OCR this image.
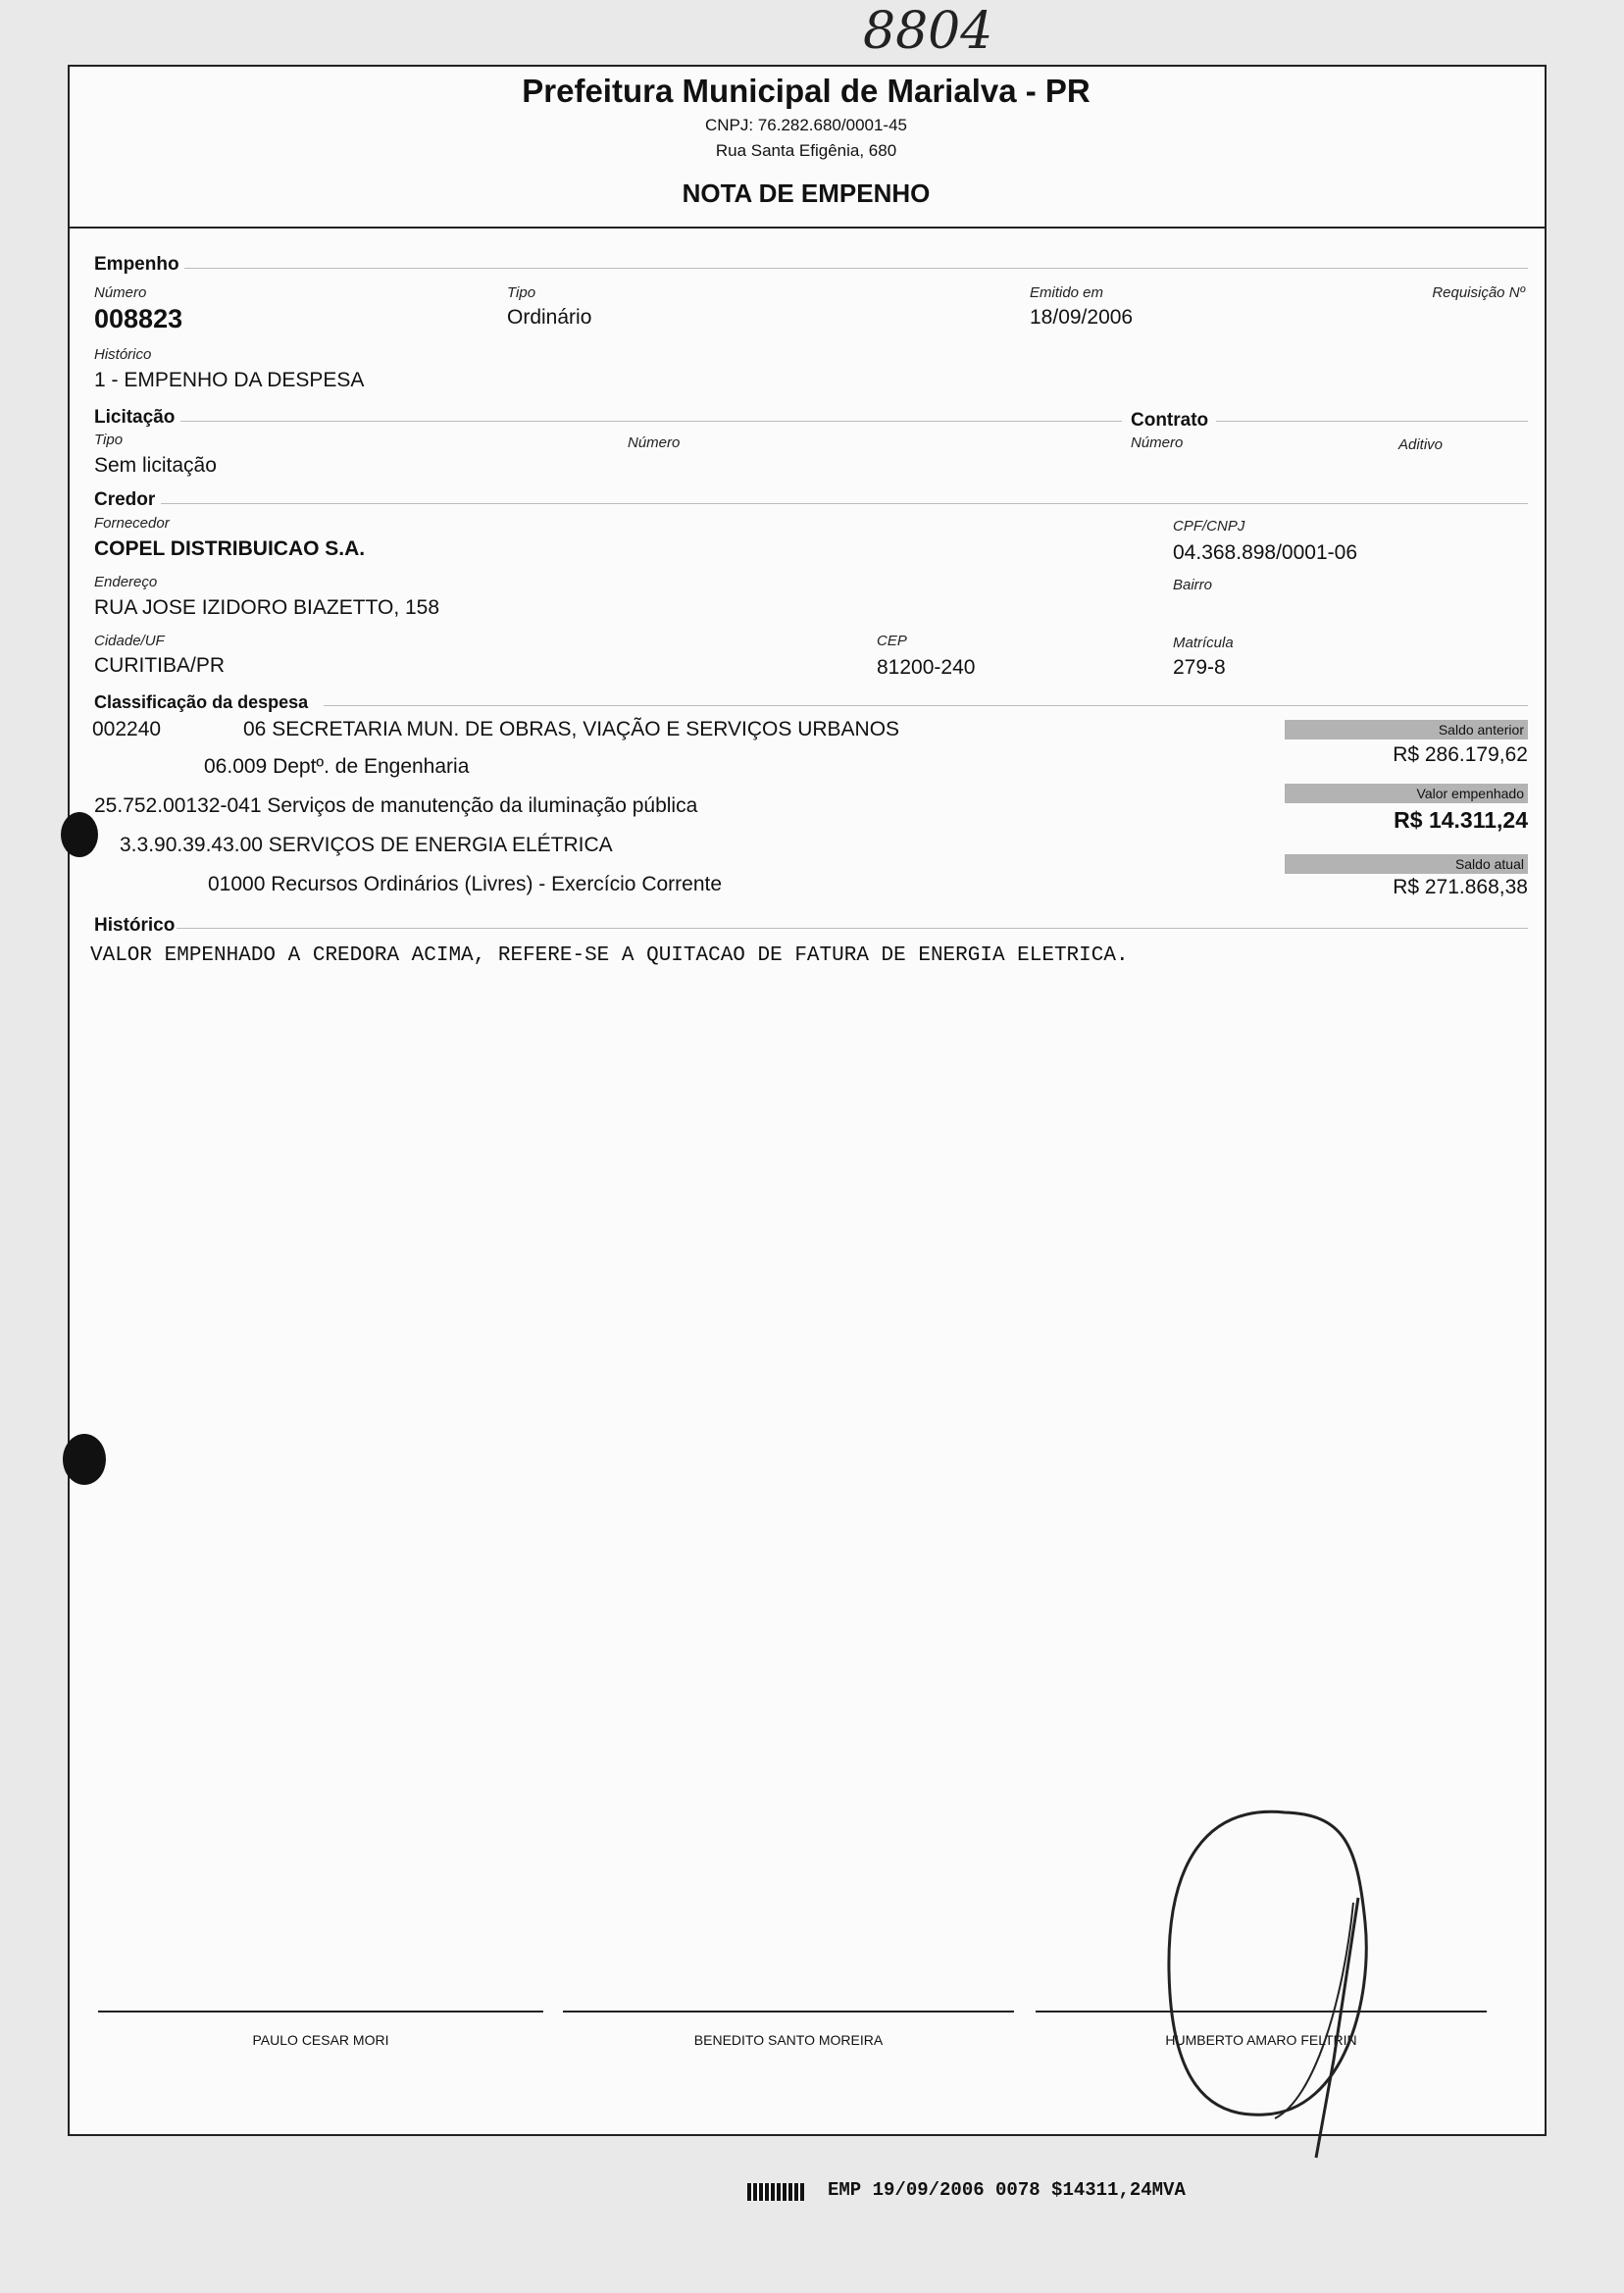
8804
Prefeitura Municipal de Marialva - PR
CNPJ: 76.282.680/0001-45
Rua Santa Efigênia, 680
NOTA DE EMPENHO
Empenho
Número
008823
Tipo
Ordinário
Emitido em
18/09/2006
Requisição Nº
Histórico
1 - EMPENHO DA DESPESA
Licitação	Contrato
Tipo
Sem licitação
Número	Número	Aditivo
Credor
Fornecedor
COPEL DISTRIBUICAO S.A.
CPF/CNPJ
04.368.898/0001-06
Endereço
RUA JOSE IZIDORO BIAZETTO, 158
Bairro
Cidade/UF
CURITIBA/PR
CEP
81200-240
Matrícula
279-8
Classificação da despesa
002240	06 SECRETARIA MUN. DE OBRAS, VIAÇÃO E SERVIÇOS URBANOS
06.009 Deptº. de Engenharia
25.752.00132-041 Serviços de manutenção da iluminação pública
3.3.90.39.43.00 SERVIÇOS DE ENERGIA ELÉTRICA
01000 Recursos Ordinários (Livres) - Exercício Corrente
Saldo anterior
R$ 286.179,62
Valor empenhado
R$ 14.311,24
Saldo atual
R$ 271.868,38
Histórico
VALOR EMPENHADO A CREDORA ACIMA, REFERE-SE A QUITACAO DE FATURA DE ENERGIA ELETRICA.
PAULO CESAR MORI	BENEDITO SANTO MOREIRA	HUMBERTO AMARO FELTRIN
EMP 19/09/2006 0078 $14311,24MVA
